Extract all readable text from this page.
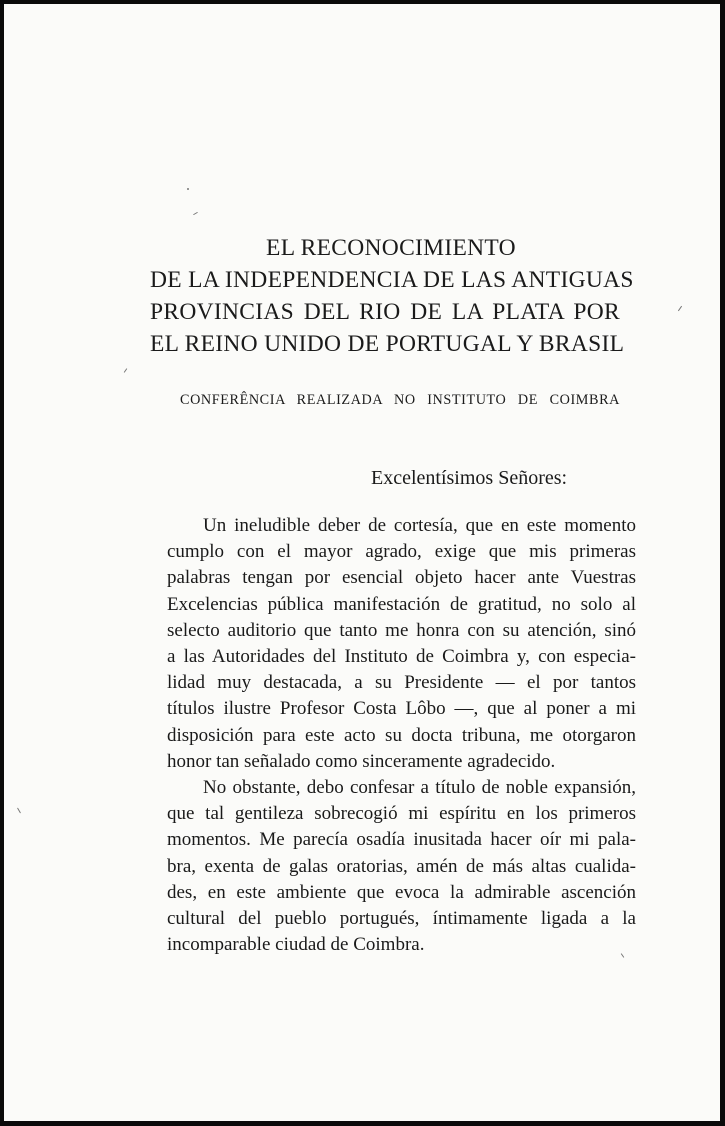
EL RECONOCIMIENTO
DE LA INDEPENDENCIA DE LAS ANTIGUAS
PROVINCIAS DEL RIO DE LA PLATA POR
EL REINO UNIDO DE PORTUGAL Y BRASIL

CONFERÊNCIA REALIZADA NO INSTITUTO DE COIMBRA

Excelentísimos Señores:

Un ineludible deber de cortesía, que en este momento
cumplo con el mayor agrado, exige que mis primeras
palabras tengan por esencial objeto hacer ante Vuestras
Excelencias pública manifestación de gratitud, no solo al
selecto auditorio que tanto me honra con su atención, sinó
a las Autoridades del Instituto de Coimbra y, con especia-
lidad muy destacada, a su Presidente — el por tantos
títulos ilustre Profesor Costa Lôbo —, que al poner a mi
disposición para este acto su docta tribuna, me otorgaron
honor tan señalado como sinceramente agradecido.
No obstante, debo confesar a título de noble expansión,
que tal gentileza sobrecogió mi espíritu en los primeros
momentos. Me parecía osadía inusitada hacer oír mi pala-
bra, exenta de galas oratorias, amén de más altas cualida-
des, en este ambiente que evoca la admirable ascención
cultural del pueblo portugués, íntimamente ligada a la
incomparable ciudad de Coimbra.
